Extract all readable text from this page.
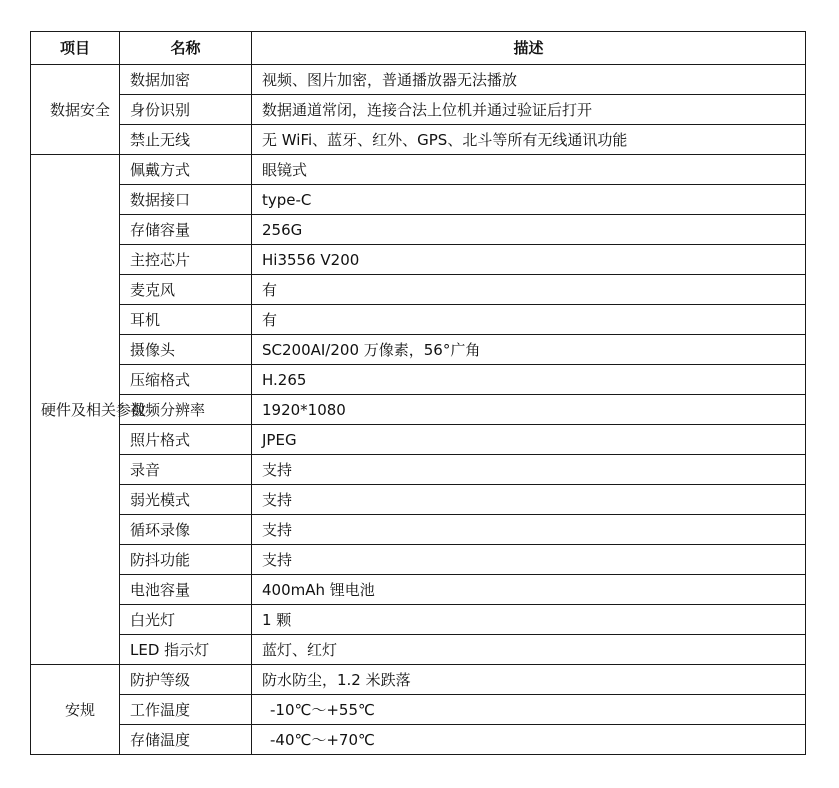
项目	名称	描述
数据安全	数据加密	视频、图片加密，普通播放器无法播放
	身份识别	数据通道常闭，连接合法上位机并通过验证后打开
	禁止无线	无 WiFi、蓝牙、红外、GPS、北斗等所有无线通讯功能
硬件及相关参数	佩戴方式	眼镜式
	数据接口	type-C
	存储容量	256G
	主控芯片	Hi3556 V200
	麦克风	有
	耳机	有
	摄像头	SC200AI/200 万像素，56°广角
	压缩格式	H.265
	视频分辨率	1920*1080
	照片格式	JPEG
	录音	支持
	弱光模式	支持
	循环录像	支持
	防抖功能	支持
	电池容量	400mAh 锂电池
	白光灯	1 颗
	LED 指示灯	蓝灯、红灯
安规	防护等级	防水防尘，1.2 米跌落
	工作温度	-10℃～+55℃
	存储温度	-40℃～+70℃
